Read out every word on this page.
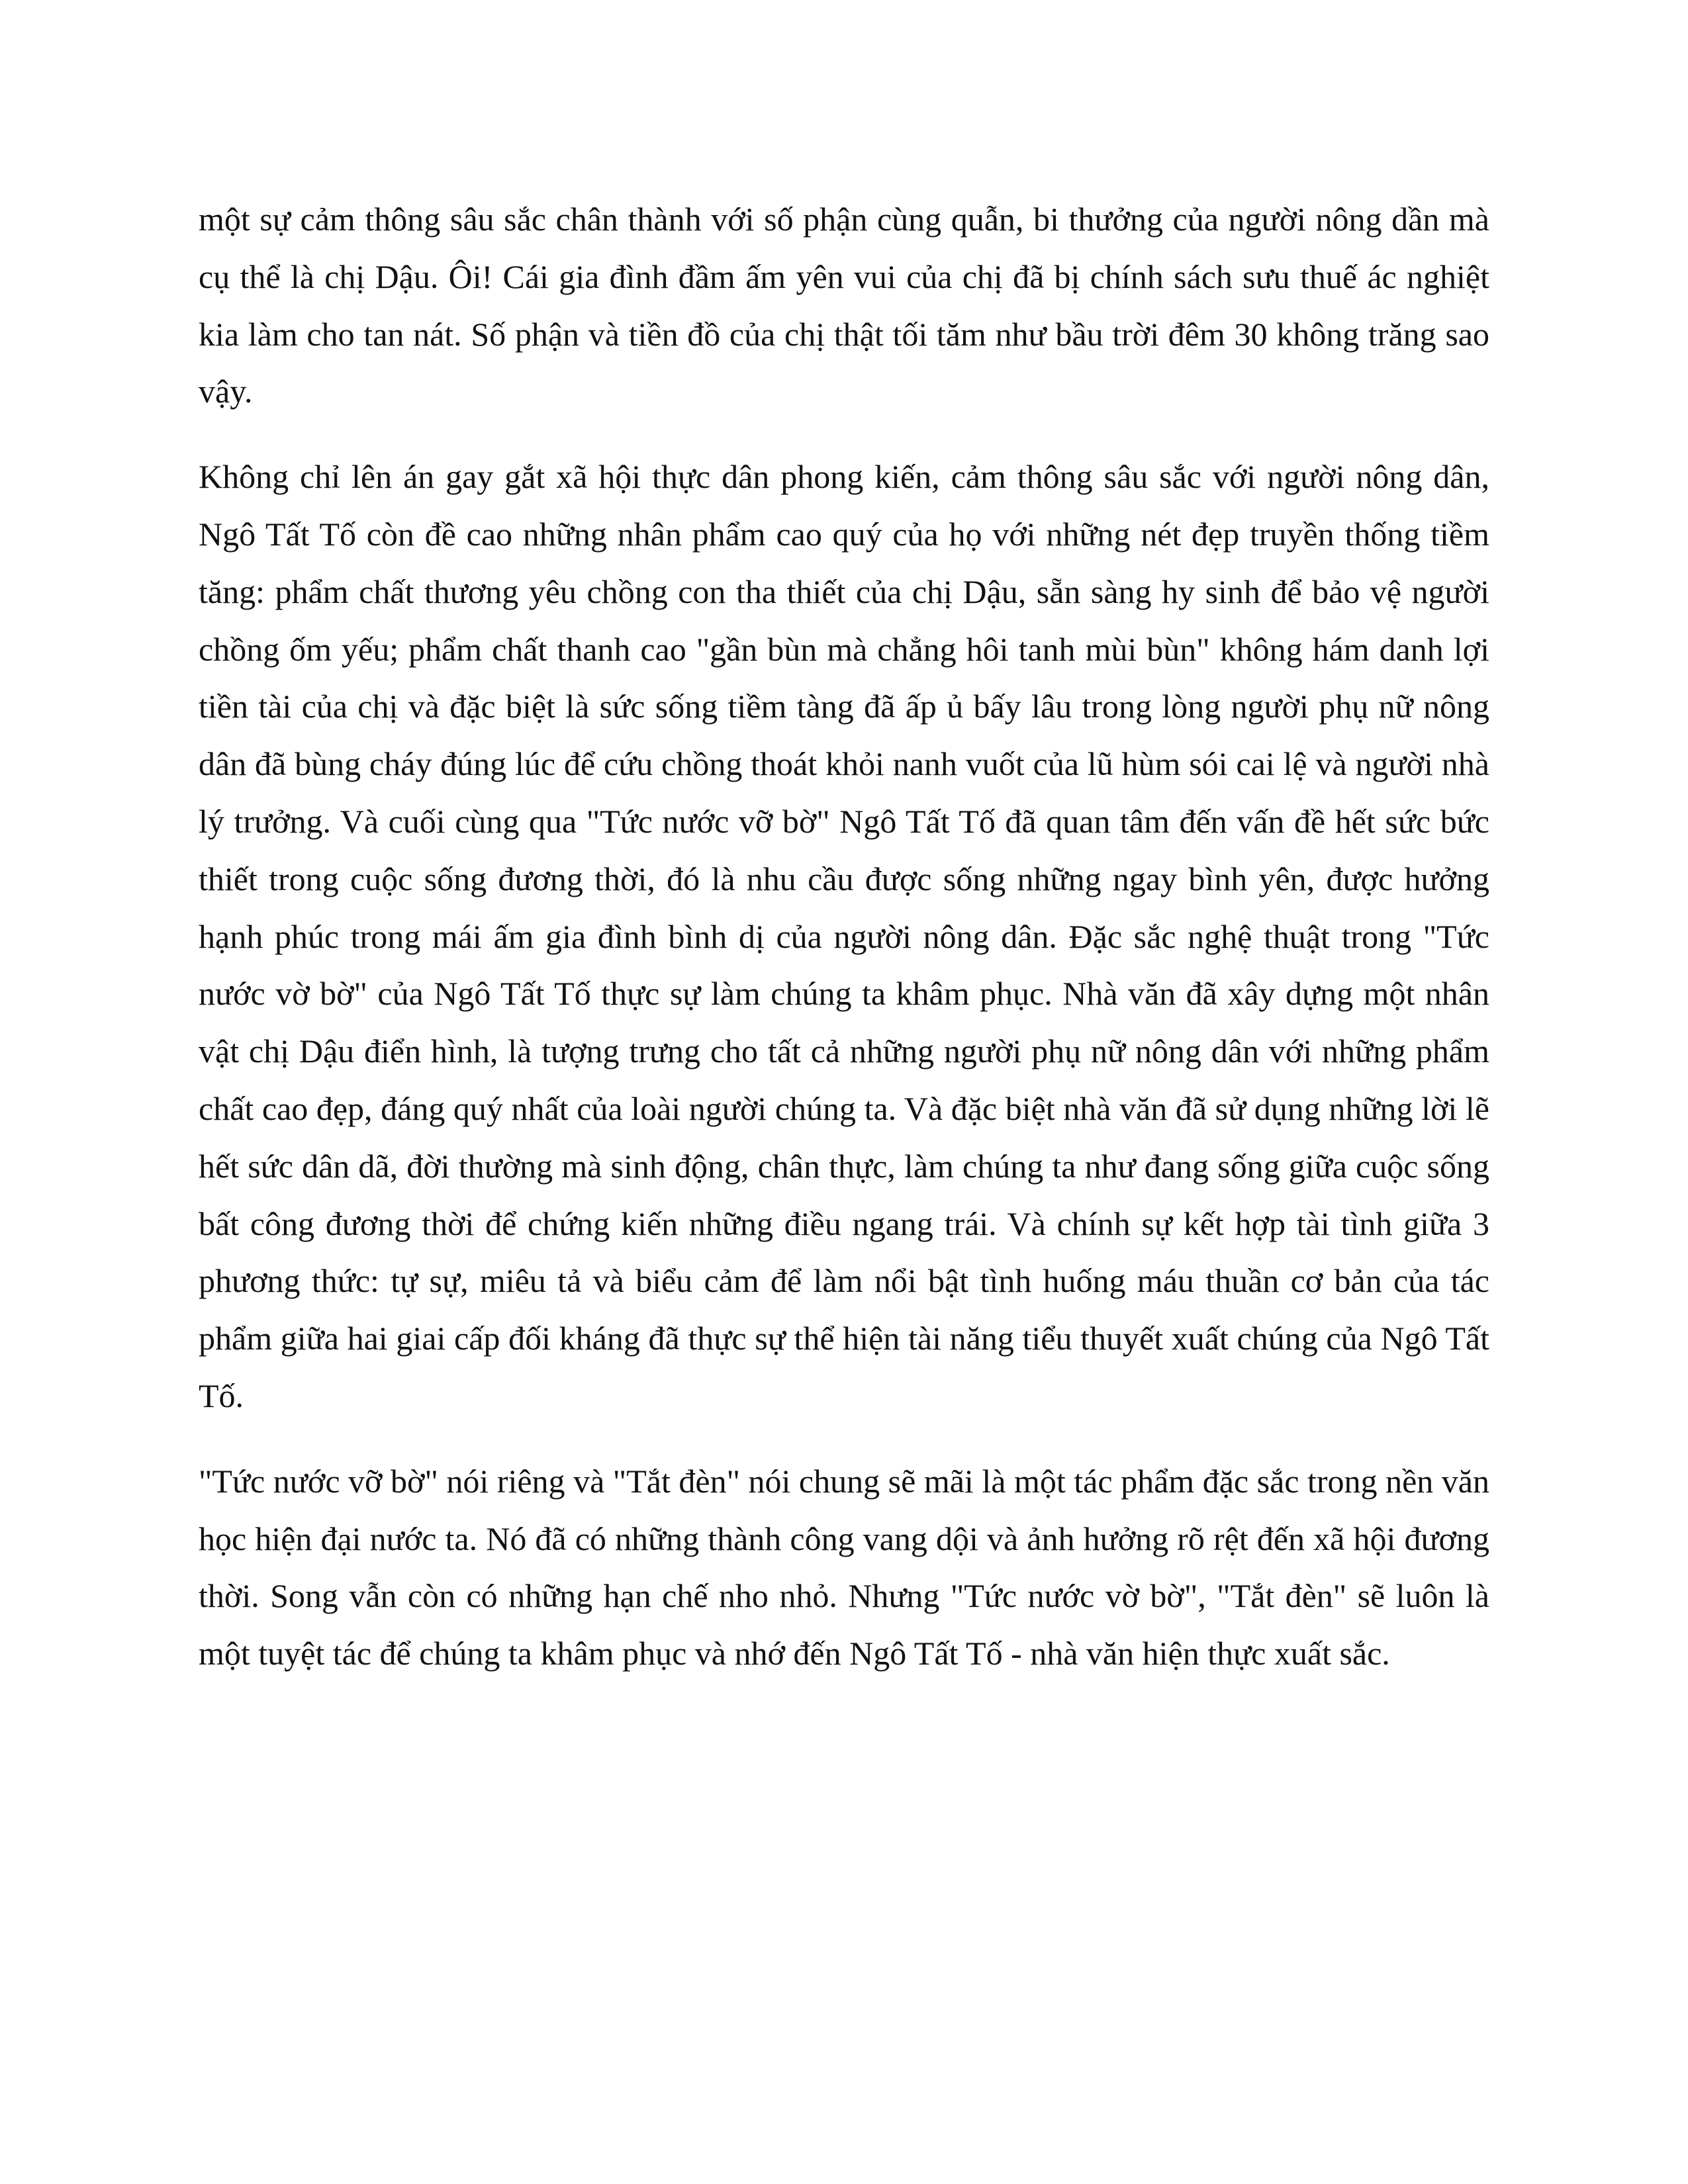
một sự cảm thông sâu sắc chân thành với số phận cùng quẫn, bi thưởng của người nông dần mà cụ thể là chị Dậu. Ôi! Cái gia đình đầm ấm yên vui của chị đã bị chính sách sưu thuế ác nghiệt kia làm cho tan nát. Số phận và tiền đồ của chị thật tối tăm như bầu trời đêm 30 không trăng sao vậy.

Không chỉ lên án gay gắt xã hội thực dân phong kiến, cảm thông sâu sắc với người nông dân, Ngô Tất Tố còn đề cao những nhân phẩm cao quý của họ với những nét đẹp truyền thống tiềm tăng: phẩm chất thương yêu chồng con tha thiết của chị Dậu, sẵn sàng hy sinh để bảo vệ người chồng ốm yếu; phẩm chất thanh cao "gần bùn mà chẳng hôi tanh mùi bùn" không hám danh lợi tiền tài của chị và đặc biệt là sức sống tiềm tàng đã ấp ủ bấy lâu trong lòng người phụ nữ nông dân đã bùng cháy đúng lúc để cứu chồng thoát khỏi nanh vuốt của lũ hùm sói cai lệ và người nhà lý trưởng. Và cuối cùng qua "Tức nước vỡ bờ" Ngô Tất Tố đã quan tâm đến vấn đề hết sức bức thiết trong cuộc sống đương thời, đó là nhu cầu được sống những ngay bình yên, được hưởng hạnh phúc trong mái ấm gia đình bình dị của người nông dân. Đặc sắc nghệ thuật trong "Tức nước vờ bờ" của Ngô Tất Tố thực sự làm chúng ta khâm phục. Nhà văn đã xây dựng một nhân vật chị Dậu điển hình, là tượng trưng cho tất cả những người phụ nữ nông dân với những phẩm chất cao đẹp, đáng quý nhất của loài người chúng ta. Và đặc biệt nhà văn đã sử dụng những lời lẽ hết sức dân dã, đời thường mà sinh động, chân thực, làm chúng ta như đang sống giữa cuộc sống bất công đương thời để chứng kiến những điều ngang trái. Và chính sự kết hợp tài tình giữa 3 phương thức: tự sự, miêu tả và biểu cảm để làm nổi bật tình huống máu thuần cơ bản của tác phẩm giữa hai giai cấp đối kháng đã thực sự thể hiện tài năng tiểu thuyết xuất chúng của Ngô Tất Tố.

"Tức nước vỡ bờ" nói riêng và "Tắt đèn" nói chung sẽ mãi là một tác phẩm đặc sắc trong nền văn học hiện đại nước ta. Nó đã có những thành công vang dội và ảnh hưởng rõ rệt đến xã hội đương thời. Song vẫn còn có những hạn chế nho nhỏ. Nhưng "Tức nước vờ bờ", "Tắt đèn" sẽ luôn là một tuyệt tác để chúng ta khâm phục và nhớ đến Ngô Tất Tố - nhà văn hiện thực xuất sắc.
